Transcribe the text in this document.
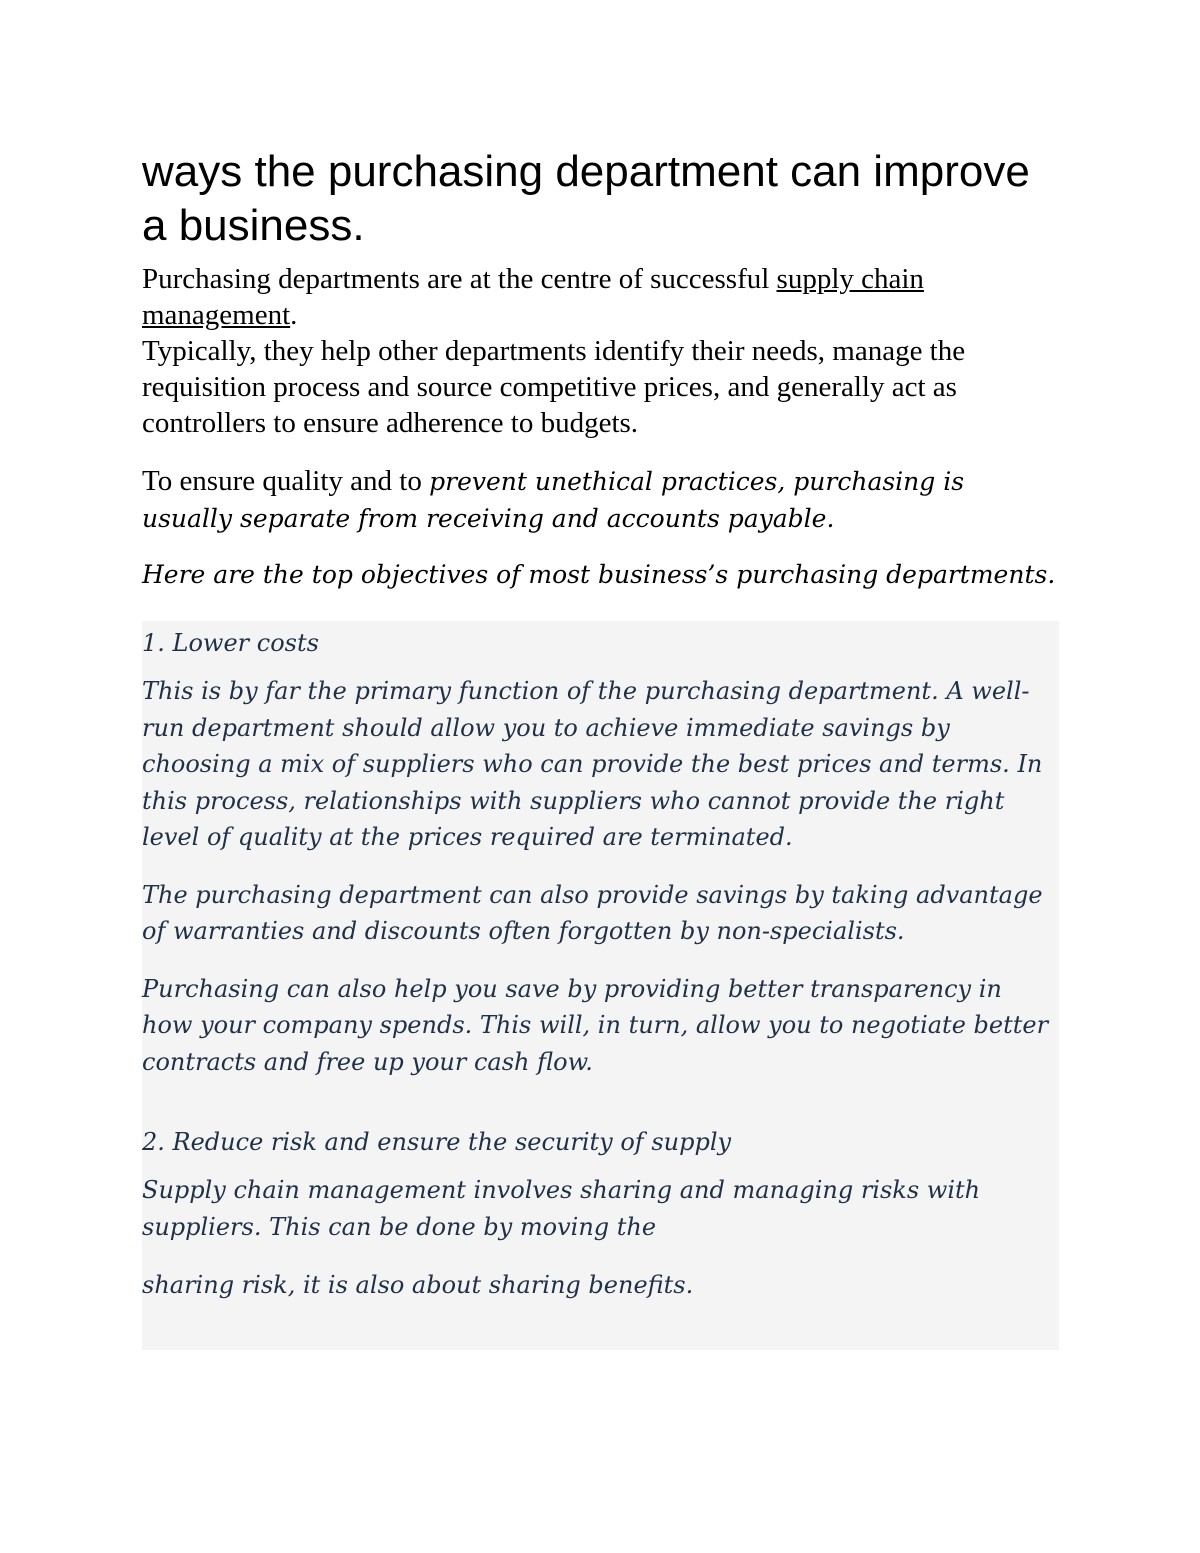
ways the purchasing department can improve a business.

Purchasing departments are at the centre of successful supply chain management.

Typically, they help other departments identify their needs, manage the requisition process and source competitive prices, and generally act as controllers to ensure adherence to budgets.

To ensure quality and to prevent unethical practices, purchasing is usually separate from receiving and accounts payable.

Here are the top objectives of most business’s purchasing departments.

1. Lower costs

This is by far the primary function of the purchasing department. A well-run department should allow you to achieve immediate savings by choosing a mix of suppliers who can provide the best prices and terms. In this process, relationships with suppliers who cannot provide the right level of quality at the prices required are terminated.

The purchasing department can also provide savings by taking advantage of warranties and discounts often forgotten by non-specialists.

Purchasing can also help you save by providing better transparency in how your company spends. This will, in turn, allow you to negotiate better contracts and free up your cash flow.

2. Reduce risk and ensure the security of supply

Supply chain management involves sharing and managing risks with suppliers. This can be done by moving the

sharing risk, it is also about sharing benefits.
